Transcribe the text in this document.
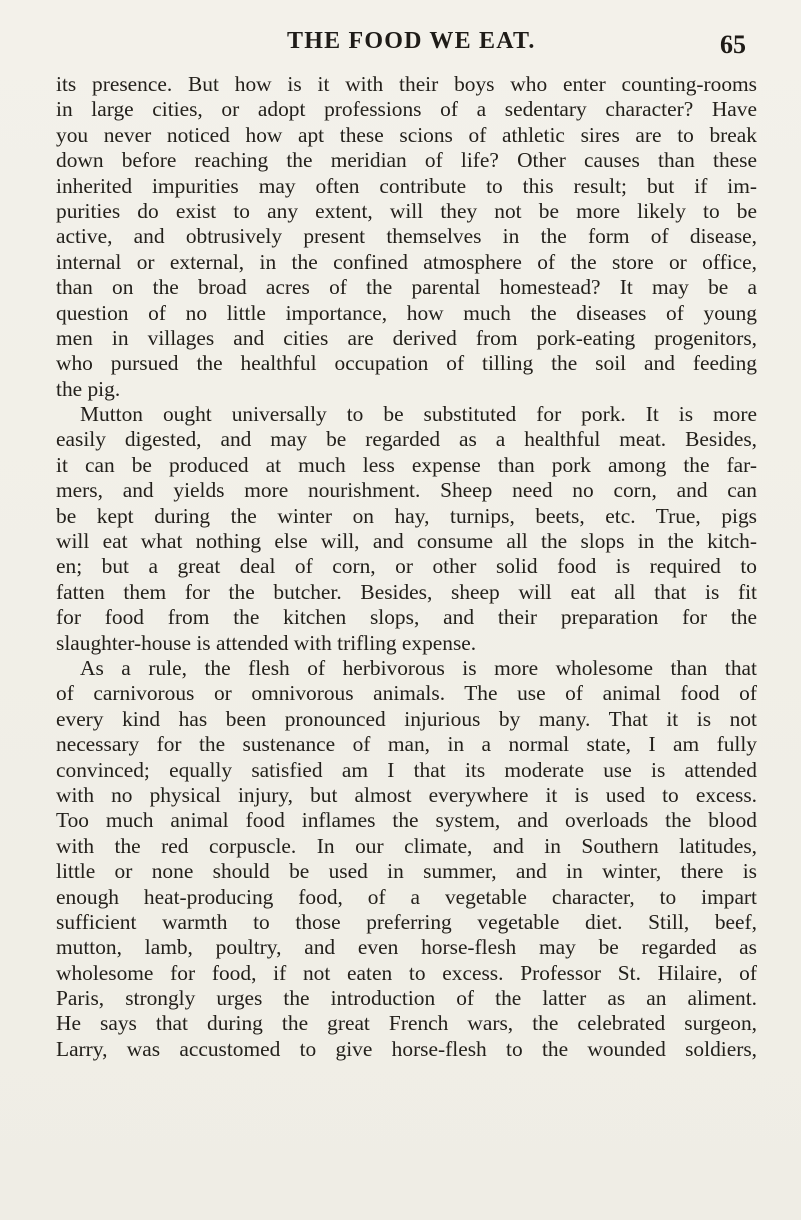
THE FOOD WE EAT.	65
its presence. But how is it with their boys who enter counting-rooms
in large cities, or adopt professions of a sedentary character? Have
you never noticed how apt these scions of athletic sires are to break
down before reaching the meridian of life? Other causes than these
inherited impurities may often contribute to this result; but if im-
purities do exist to any extent, will they not be more likely to be
active, and obtrusively present themselves in the form of disease,
internal or external, in the confined atmosphere of the store or office,
than on the broad acres of the parental homestead? It may be a
question of no little importance, how much the diseases of young
men in villages and cities are derived from pork-eating progenitors,
who pursued the healthful occupation of tilling the soil and feeding
the pig.
Mutton ought universally to be substituted for pork. It is more
easily digested, and may be regarded as a healthful meat. Besides,
it can be produced at much less expense than pork among the far-
mers, and yields more nourishment. Sheep need no corn, and can
be kept during the winter on hay, turnips, beets, etc. True, pigs
will eat what nothing else will, and consume all the slops in the kitch-
en; but a great deal of corn, or other solid food is required to
fatten them for the butcher. Besides, sheep will eat all that is fit
for food from the kitchen slops, and their preparation for the
slaughter-house is attended with trifling expense.
As a rule, the flesh of herbivorous is more wholesome than that
of carnivorous or omnivorous animals. The use of animal food of
every kind has been pronounced injurious by many. That it is not
necessary for the sustenance of man, in a normal state, I am fully
convinced; equally satisfied am I that its moderate use is attended
with no physical injury, but almost everywhere it is used to excess.
Too much animal food inflames the system, and overloads the blood
with the red corpuscle. In our climate, and in Southern latitudes,
little or none should be used in summer, and in winter, there is
enough heat-producing food, of a vegetable character, to impart
sufficient warmth to those preferring vegetable diet. Still, beef,
mutton, lamb, poultry, and even horse-flesh may be regarded as
wholesome for food, if not eaten to excess. Professor St. Hilaire, of
Paris, strongly urges the introduction of the latter as an aliment.
He says that during the great French wars, the celebrated surgeon,
Larry, was accustomed to give horse-flesh to the wounded soldiers,
